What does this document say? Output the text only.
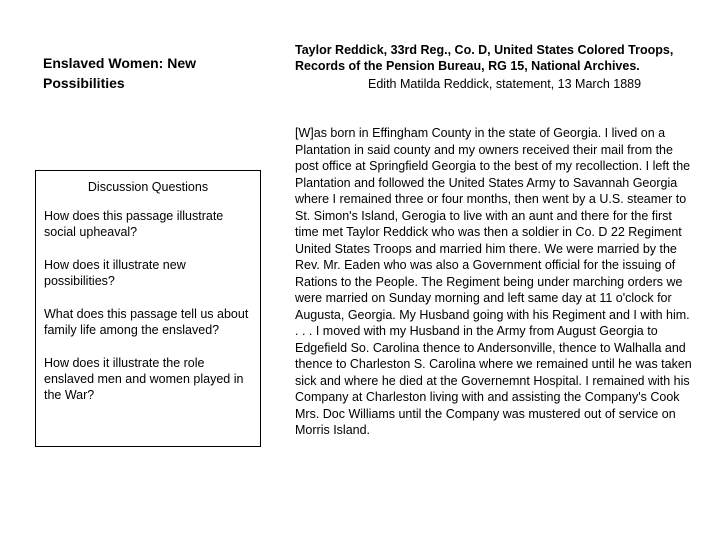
Enslaved Women: New Possibilities

Discussion Questions

How does this passage illustrate social upheaval?

How does it illustrate new possibilities?

What does this passage tell us about family life among the enslaved?

How does it illustrate the role enslaved men and women played in the War?

Taylor Reddick, 33rd Reg., Co. D, United States Colored Troops, Records of the Pension Bureau, RG 15, National Archives.

Edith Matilda Reddick, statement, 13 March 1889

[W]as born in Effingham County in the state of Georgia. I lived on a Plantation in said county and my owners received their mail from the post office at Springfield Georgia to the best of my recollection. I left the Plantation and followed the United States Army to Savannah Georgia where I remained three or four months, then went by a U.S. steamer to St. Simon's Island, Gerogia to live with an aunt and there for the first time met Taylor Reddick who was then a soldier in Co. D 22 Regiment United States Troops and married him there. We were married by the Rev. Mr. Eaden who was also a Government official for the issuing of Rations to the People. The Regiment being under marching orders we were married on Sunday morning and left same day at 11 o'clock for Augusta, Georgia. My Husband going with his Regiment and I with him. . . . I moved with my Husband in the Army from August Georgia to Edgefield So. Carolina thence to Andersonville, thence to Walhalla and thence to Charleston S. Carolina where we remained until he was taken sick and where he died at the Governemnt Hospital. I remained with his Company at Charleston living with and assisting the Company's Cook Mrs. Doc Williams until the Company was mustered out of service on Morris Island.
